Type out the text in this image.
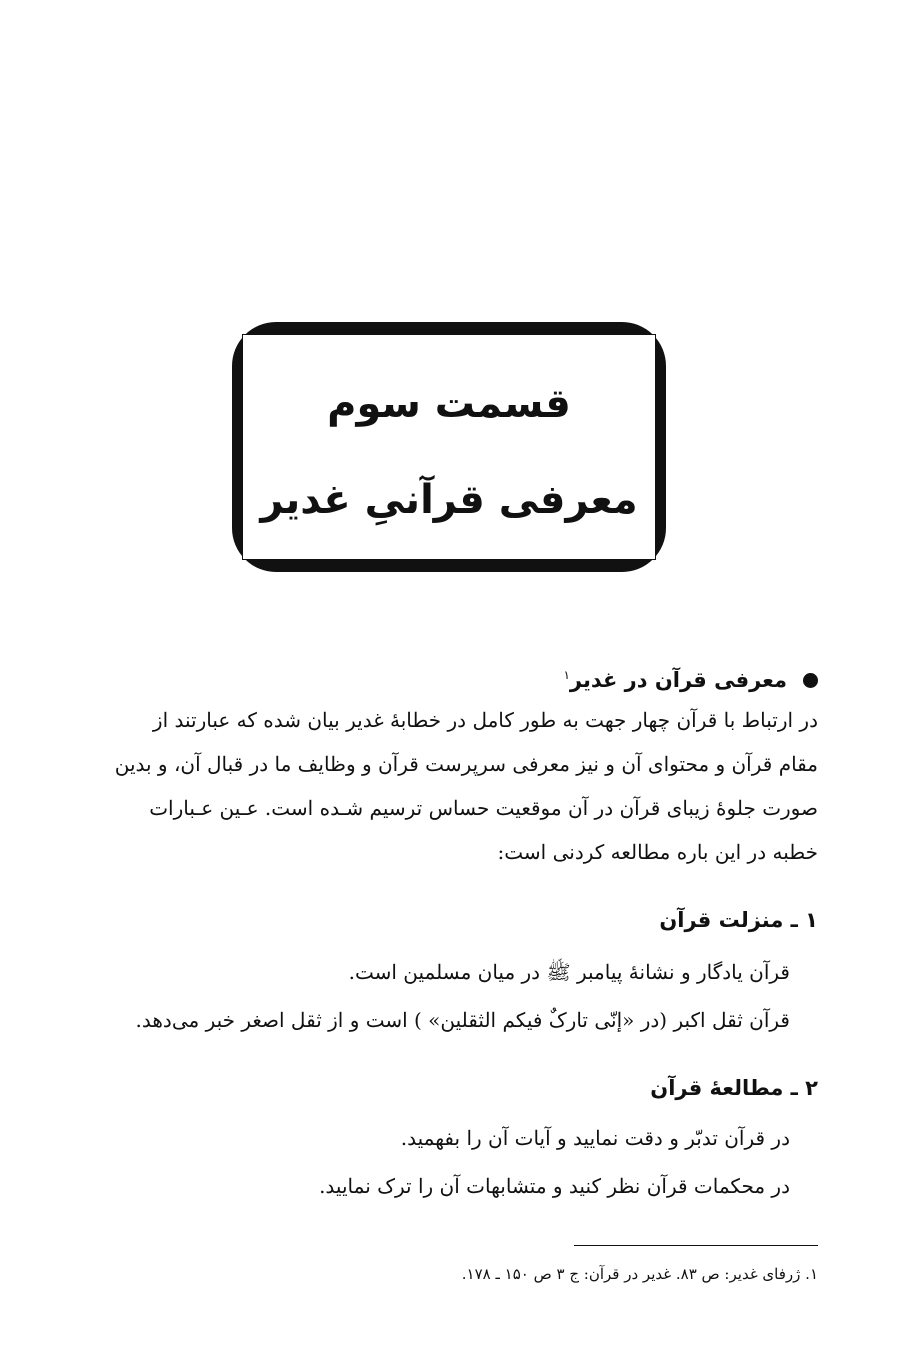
قسمت سوم
معرفی قرآنیِ غدیر
معرفی قرآن در غدیر$^۱$
در ارتباط با قرآن چهار جهت به طور کامل در خطابهٔ غدیر بیان شده که عبارتند از
مقام قرآن و محتوای آن و نیز معرفی سرپرست قرآن و وظایف ما در قبال آن، و بدین
صورت جلوهٔ زیبای قرآن در آن موقعیت حساس ترسیم شـده است. عـین عـبارات
خطبه در این باره مطالعه کردنی است:
۱ ـ منزلت قرآن
قرآن یادگار و نشانهٔ پیامبر ﷺ در میان مسلمین است.
قرآن ثقل اکبر (در «إنّی تارکٌ فیکم الثقلین» ) است و از ثقل اصغر خبر می‌دهد.
۲ ـ مطالعهٔ قرآن
در قرآن تدبّر و دقت نمایید و آیات آن را بفهمید.
در محکمات قرآن نظر کنید و متشابهات آن را ترک نمایید.
۱. ژرفای غدیر: ص ۸۳. غدیر در قرآن: ج ۳ ص ۱۵۰ ـ ۱۷۸.
